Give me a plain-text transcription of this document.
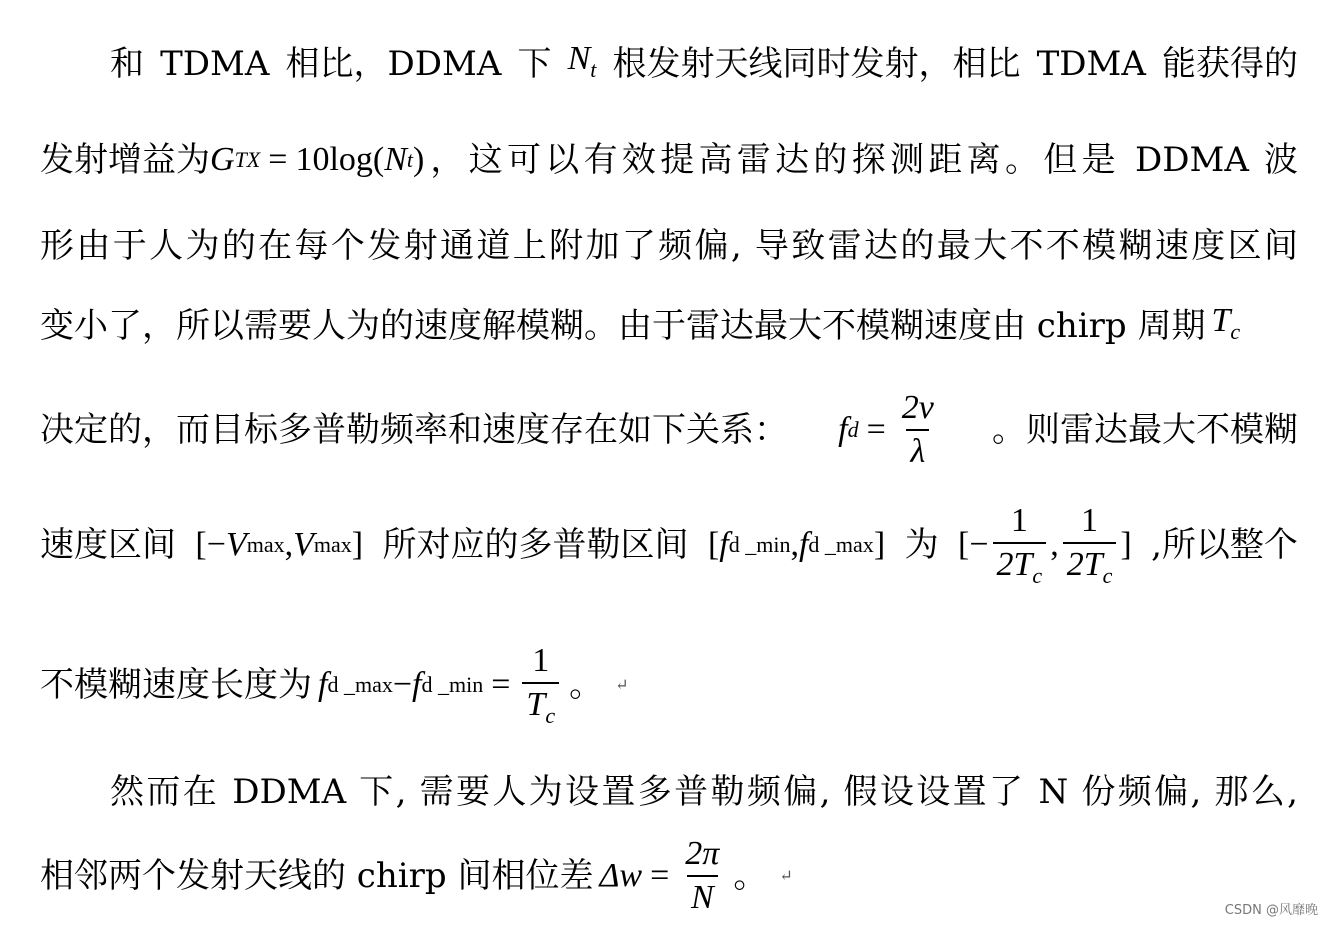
和 TDMA 相比，DDMA 下 $N_t$ 根发射天线同时发射，相比 TDMA 能获得的
发射增益为 G TX = 10log( N t ) ，这可以有效提高雷达的探测距离。但是 DDMA 波
形由于人为的在每个发射通道上附加了频偏, 导致雷达的最大不不模糊速度区间
变小了，所以需要人为的速度解模糊。由于雷达最大不模糊速度由 chirp 周期 $T_c$
决定的，而目标多普勒频率和速度存在如下关系： f $d = \frac{2v}{\lambda}$ 。则雷达最大不模糊
速度区间 [ − V max , V max ] 所对应的多普勒区间 [ f d _min , f d _max ] 为 [ − $\frac{1}{2T_c}$ , $\frac{1}{2T_c}$ ] ,所以整个
不模糊速度长度为 f d _max − f d _min = $\frac{1}{T_c}$ 。 ↵
然而在 DDMA 下, 需要人为设置多普勒频偏, 假设设置了 N 份频偏, 那么,
相邻两个发射天线的 chirp 间相位差 $\Delta w = \frac{2\pi}{N}$ 。 ↵
CSDN @风靡晚
